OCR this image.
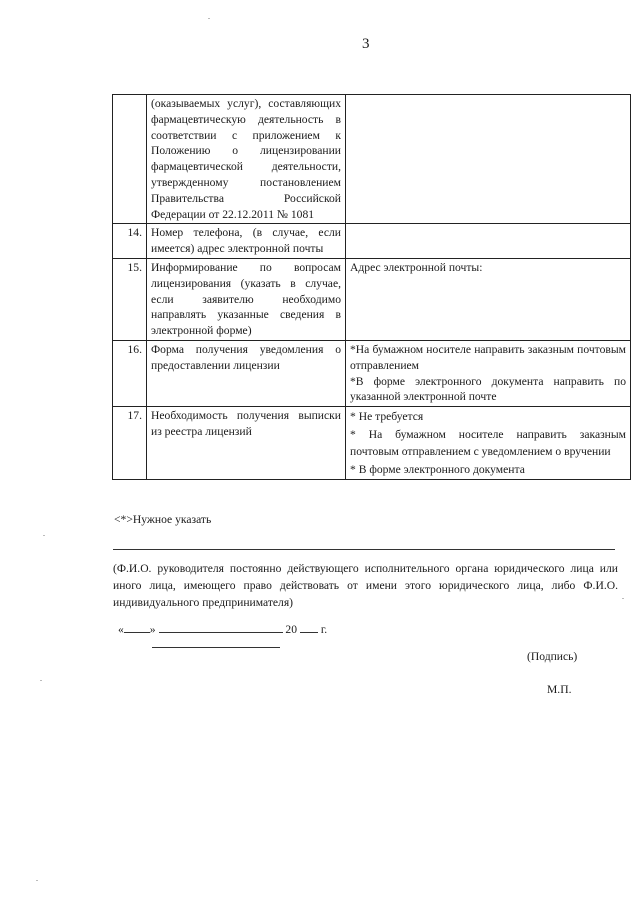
3
	(оказываемых услуг), составляющих фармацевтическую деятельность в соответствии с приложением к Положению о лицензировании фармацевтической деятельности, утвержденному постановлением Правительства Российской Федерации от 22.12.2011 № 1081	
14.	Номер телефона, (в случае, если имеется) адрес электронной почты	
15.	Информирование по вопросам лицензирования (указать в случае, если заявителю необходимо направлять указанные сведения в электронной форме)	Адрес электронной почты:
16.	Форма получения уведомления о предоставлении лицензии	*На бумажном носителе направить заказным почтовым отправлением
*В форме электронного документа направить по указанной электронной почте

17.	Необходимость получения выписки из реестра лицензий	* Не требуется
* На бумажном носителе направить заказным почтовым отправлением с уведомлением о вручении
* В форме электронного документа
<*>Нужное указать
(Ф.И.О. руководителя постоянно действующего исполнительного органа юридического лица или иного лица, имеющего право действовать от имени этого юридического лица, либо Ф.И.О. индивидуального предпринимателя)
« »	20 г.
(Подпись)
М.П.
